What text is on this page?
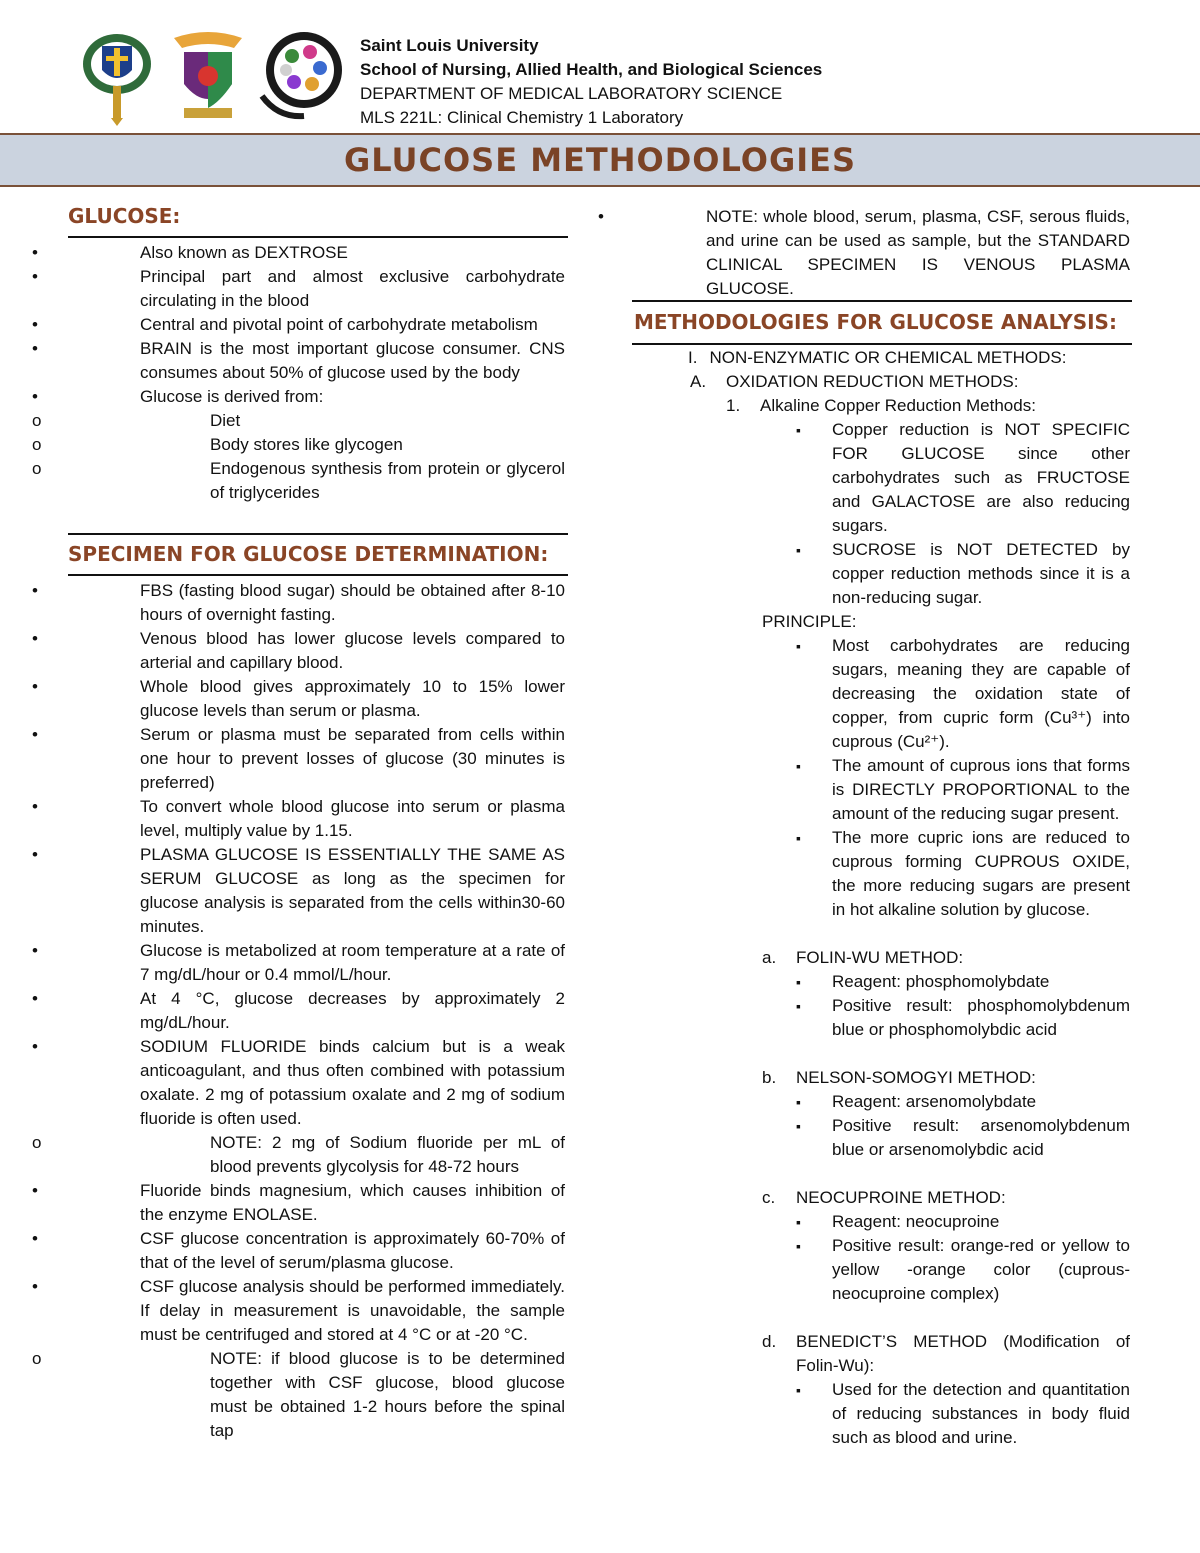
Saint Louis University
School of Nursing, Allied Health, and Biological Sciences
DEPARTMENT OF MEDICAL LABORATORY SCIENCE
MLS 221L: Clinical Chemistry 1 Laboratory
GLUCOSE METHODOLOGIES
GLUCOSE:
•
Also known as DEXTROSE
•
Principal part and almost exclusive carbohydrate circulating in the blood
•
Central and pivotal point of carbohydrate metabolism
•
BRAIN is the most important glucose consumer. CNS consumes about 50% of glucose used by the body
•
Glucose is derived from:
o
Diet
o
Body stores like glycogen
o
Endogenous synthesis from protein or glycerol of triglycerides
SPECIMEN FOR GLUCOSE DETERMINATION:
•
FBS (fasting blood sugar) should be obtained after 8-10 hours of overnight fasting.
•
Venous blood has lower glucose levels compared to arterial and capillary blood.
•
Whole blood gives approximately 10 to 15% lower glucose levels than serum or plasma.
•
Serum or plasma must be separated from cells within one hour to prevent losses of glucose (30 minutes is preferred)
•
To convert whole blood glucose into serum or plasma level, multiply value by 1.15.
•
PLASMA GLUCOSE IS ESSENTIALLY THE SAME AS SERUM GLUCOSE as long as the specimen for glucose analysis is separated from the cells within30-60 minutes.
•
Glucose is metabolized at room temperature at a rate of 7 mg/dL/hour or 0.4 mmol/L/hour.
•
At 4 °C, glucose decreases by approximately 2 mg/dL/hour.
•
SODIUM FLUORIDE binds calcium but is a weak anticoagulant, and thus often combined with potassium oxalate. 2 mg of potassium oxalate and 2 mg of sodium fluoride is often used.
o
NOTE: 2 mg of Sodium fluoride per mL of blood prevents glycolysis for 48-72 hours
•
Fluoride binds magnesium, which causes inhibition of the enzyme ENOLASE.
•
CSF glucose concentration is approximately 60-70% of that of the level of serum/plasma glucose.
•
CSF glucose analysis should be performed immediately. If delay in measurement is unavoidable, the sample must be centrifuged and stored at 4 °C or at -20 °C.
o
NOTE: if blood glucose is to be determined together with CSF glucose, blood glucose must be obtained 1-2 hours before the spinal tap
•
NOTE: whole blood, serum, plasma, CSF, serous fluids, and urine can be used as sample, but the STANDARD CLINICAL SPECIMEN IS VENOUS PLASMA GLUCOSE.
METHODOLOGIES FOR GLUCOSE ANALYSIS:
I. NON-ENZYMATIC OR CHEMICAL METHODS:
A. OXIDATION REDUCTION METHODS:
1. Alkaline Copper Reduction Methods:
▪
Copper reduction is NOT SPECIFIC FOR GLUCOSE since other carbohydrates such as FRUCTOSE and GALACTOSE are also reducing sugars.
▪
SUCROSE is NOT DETECTED by copper reduction methods since it is a non-reducing sugar.
PRINCIPLE:
▪
Most carbohydrates are reducing sugars, meaning they are capable of decreasing the oxidation state of copper, from cupric form (Cu³⁺) into cuprous (Cu²⁺).
▪
The amount of cuprous ions that forms is DIRECTLY PROPORTIONAL to the amount of the reducing sugar present.
▪
The more cupric ions are reduced to cuprous forming CUPROUS OXIDE, the more reducing sugars are present in hot alkaline solution by glucose.
a. FOLIN-WU METHOD:
▪
Reagent: phosphomolybdate
▪
Positive result: phosphomolybdenum blue or phosphomolybdic acid
b. NELSON-SOMOGYI METHOD:
▪
Reagent: arsenomolybdate
▪
Positive result: arsenomolybdenum blue or arsenomolybdic acid
c. NEOCUPROINE METHOD:
▪
Reagent: neocuproine
▪
Positive result: orange-red or yellow to yellow -orange color (cuprous-neocuproine complex)
d. BENEDICT’S METHOD (Modification of Folin-Wu):
▪
Used for the detection and quantitation of reducing substances in body fluid such as blood and urine.
